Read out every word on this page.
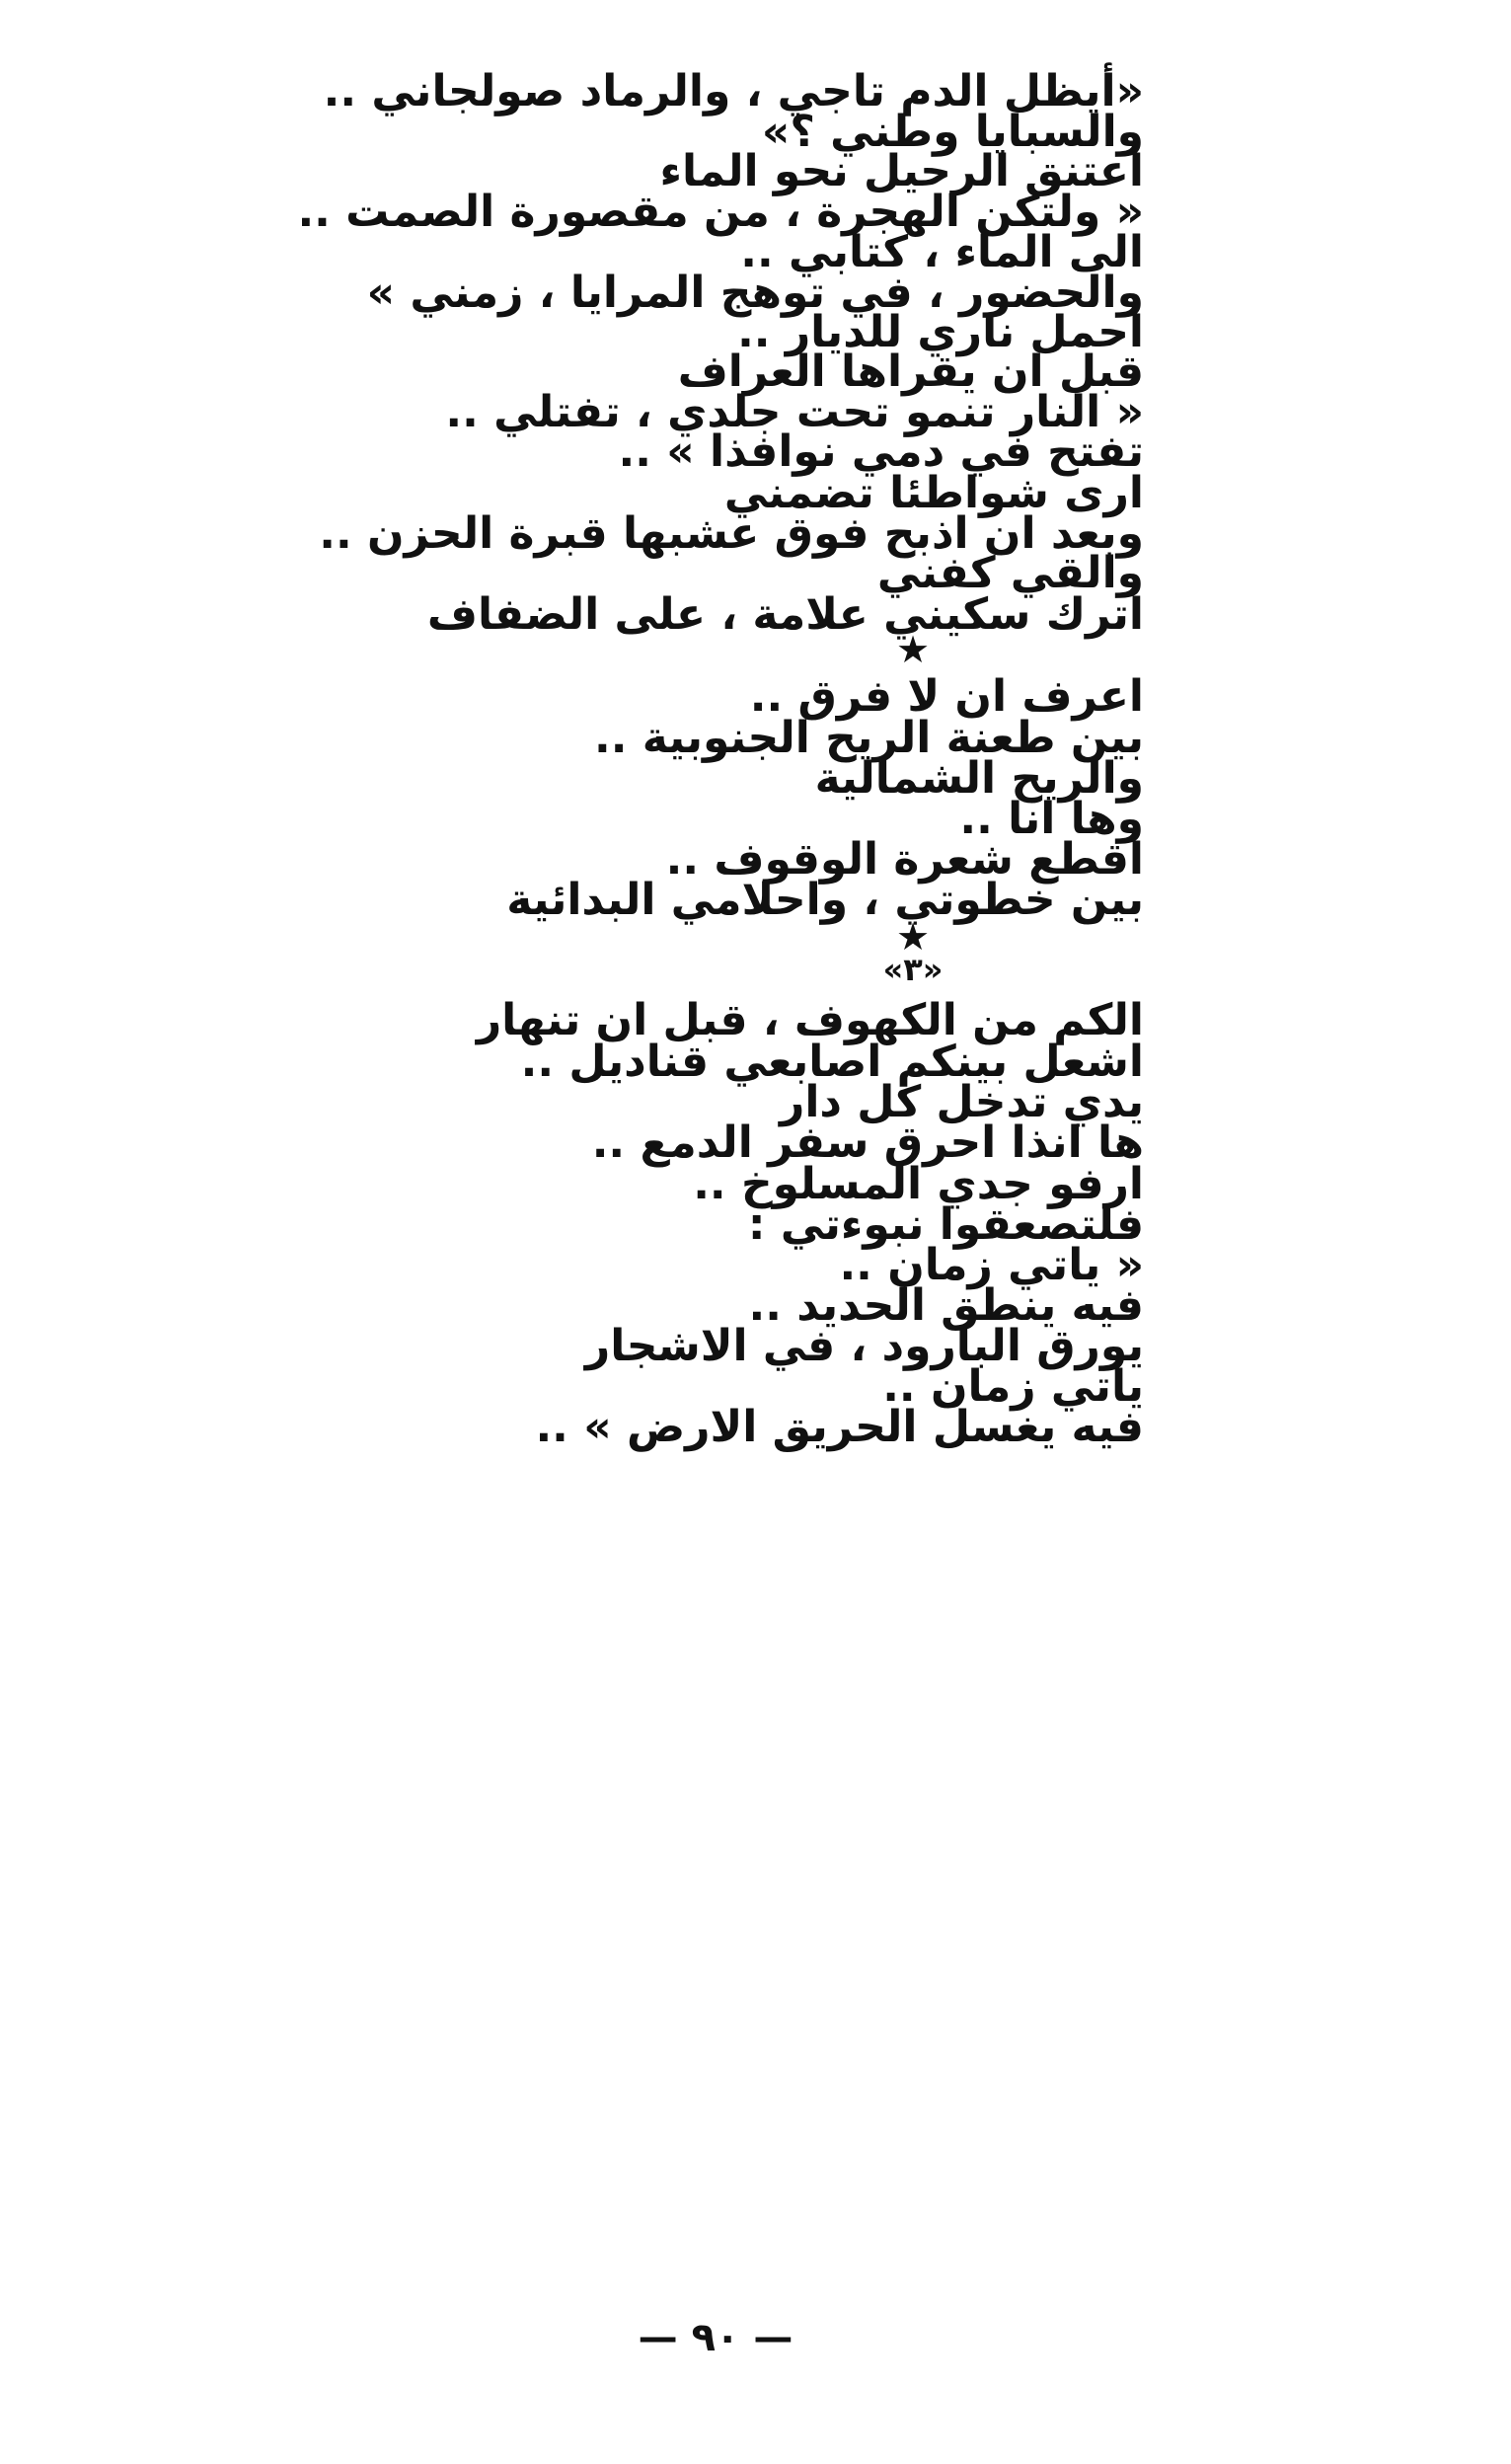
«أيظل الدم تاجي ، والرماد صولجاني ..

والسبايا وطني ؟»

اعتنق الرحيل نحو الماء

« ولتكن الهجرة ، من مقصورة الصمت ..

الى الماء ، كتابي ..

والحضور ، في توهج المرايا ، زمني »

احمل ناري للديار ..

قبل ان يقراها العراف

« النار تنمو تحت جلدي ، تفتلي ..

تفتح في دمي نوافذا » ..

ارى شواطئا تضمني

وبعد ان اذبح فوق عشبها قبرة الحزن ..

والقي كفني

اترك سكيني علامة ، على الضفاف

★

اعرف ان لا فرق ..

بين طعنة الريح الجنوبية ..

والريح الشمالية

وها انا ..

اقطع شعرة الوقوف ..

بين خطوتي ، واحلامي البدائية

★
«٣»

الكم من الكهوف ، قبل ان تنهار

اشعل بينكم اصابعي قناديل ..

يدي تدخل كل دار

ها انذا احرق سفر الدمع ..

ارفو جدي المسلوخ ..

فلتصعقوا نبوءتي :

« ياتي زمان ..

فيه ينطق الحديد ..

يورق البارود ، في الاشجار

ياتي زمان ..

فيه يغسل الحريق الارض » ..

— ٩٠ —
